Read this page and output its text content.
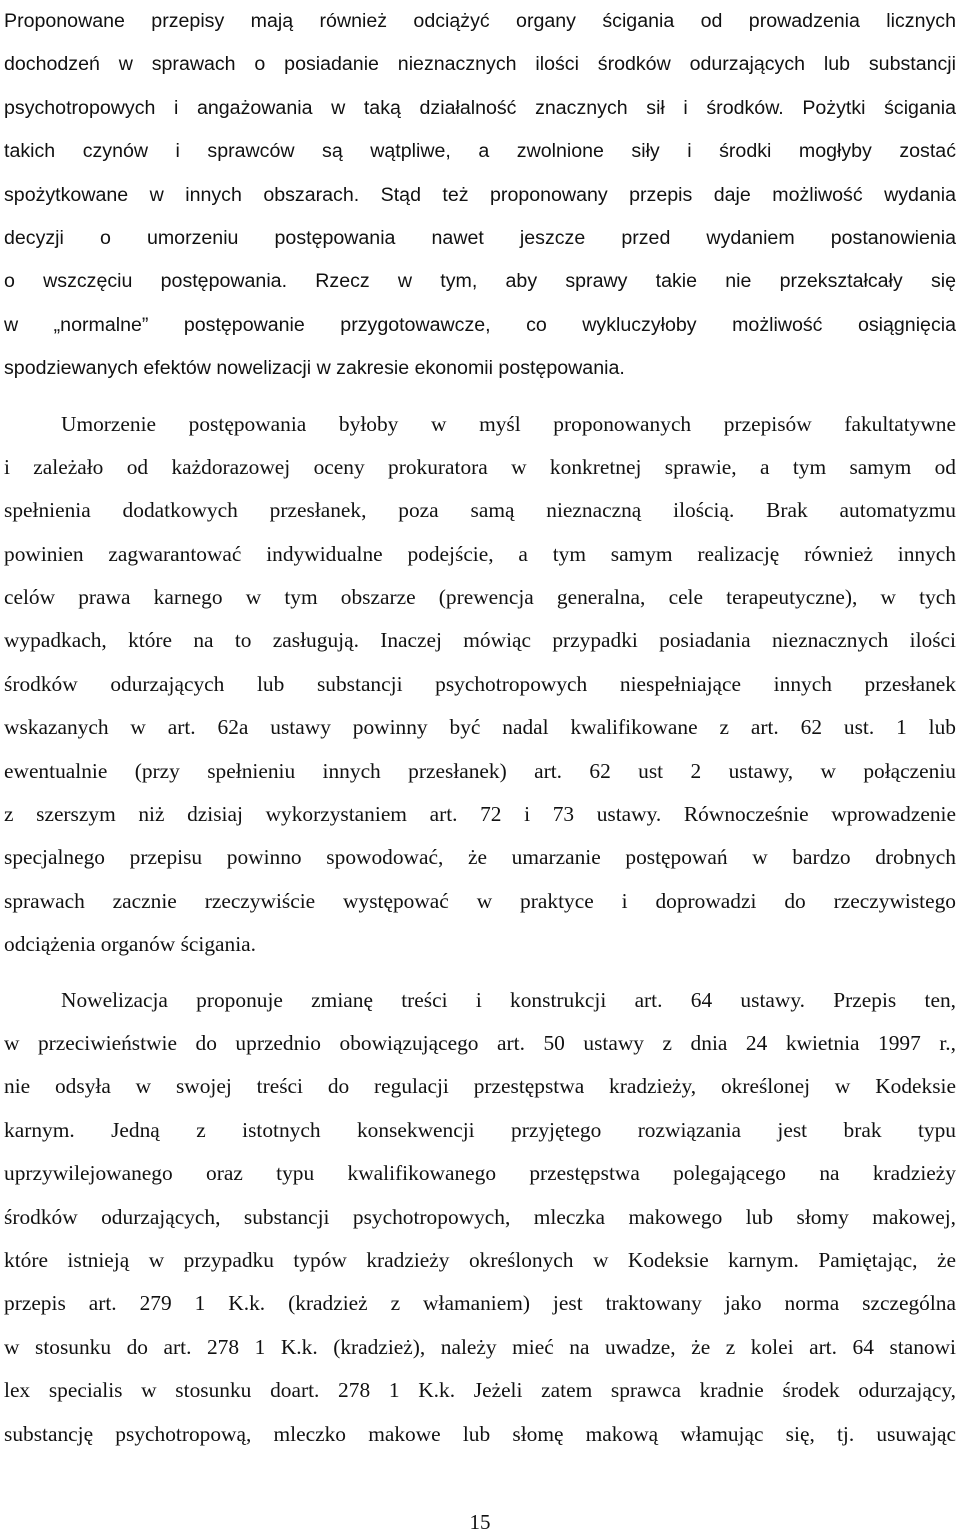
Proponowane przepisy mają również odciążyć organy ścigania od prowadzenia licznych
dochodzeń w sprawach o posiadanie nieznacznych ilości środków odurzających lub substancji
psychotropowych i angażowania w taką działalność znacznych sił i środków. Pożytki ścigania
takich czynów i sprawców są wątpliwe, a zwolnione siły i środki mogłyby zostać
spożytkowane w innych obszarach. Stąd też proponowany przepis daje możliwość wydania
decyzji o umorzeniu postępowania nawet jeszcze przed wydaniem postanowienia
o wszczęciu postępowania. Rzecz w tym, aby sprawy takie nie przekształcały się
w „normalne” postępowanie przygotowawcze, co wykluczyłoby możliwość osiągnięcia
spodziewanych efektów nowelizacji w zakresie ekonomii postępowania.
Umorzenie postępowania byłoby w myśl proponowanych przepisów fakultatywne
i zależało od każdorazowej oceny prokuratora w konkretnej sprawie, a tym samym od
spełnienia dodatkowych przesłanek, poza samą nieznaczną ilością. Brak automatyzmu
powinien zagwarantować indywidualne podejście, a tym samym realizację również innych
celów prawa karnego w tym obszarze (prewencja generalna, cele terapeutyczne), w tych
wypadkach, które na to zasługują. Inaczej mówiąc przypadki posiadania nieznacznych ilości
środków odurzających lub substancji psychotropowych niespełniające innych przesłanek
wskazanych w art. 62a ustawy powinny być nadal kwalifikowane z art. 62 ust. 1 lub
ewentualnie (przy spełnieniu innych przesłanek) art. 62 ust 2 ustawy, w połączeniu
z szerszym niż dzisiaj wykorzystaniem art. 72 i 73 ustawy. Równocześnie wprowadzenie
specjalnego przepisu powinno spowodować, że umarzanie postępowań w bardzo drobnych
sprawach zacznie rzeczywiście występować w praktyce i doprowadzi do rzeczywistego
odciążenia organów ścigania.
Nowelizacja proponuje zmianę treści i konstrukcji art. 64 ustawy. Przepis ten,
w przeciwieństwie do uprzednio obowiązującego art. 50 ustawy z dnia 24 kwietnia 1997 r.,
nie odsyła w swojej treści do regulacji przestępstwa kradzieży, określonej w Kodeksie
karnym. Jedną z istotnych konsekwencji przyjętego rozwiązania jest brak typu
uprzywilejowanego oraz typu kwalifikowanego przestępstwa polegającego na kradzieży
środków odurzających, substancji psychotropowych, mleczka makowego lub słomy makowej,
które istnieją w przypadku typów kradzieży określonych w Kodeksie karnym. Pamiętając, że
przepis art. 279 1 K.k. (kradzież z włamaniem) jest traktowany jako norma szczególna
w stosunku do art. 278 1 K.k. (kradzież), należy mieć na uwadze, że z kolei art. 64 stanowi
lex specialis w stosunku doart. 278 1 K.k. Jeżeli zatem sprawca kradnie środek odurzający,
substancję psychotropową, mleczko makowe lub słomę makową włamując się, tj. usuwając
15
